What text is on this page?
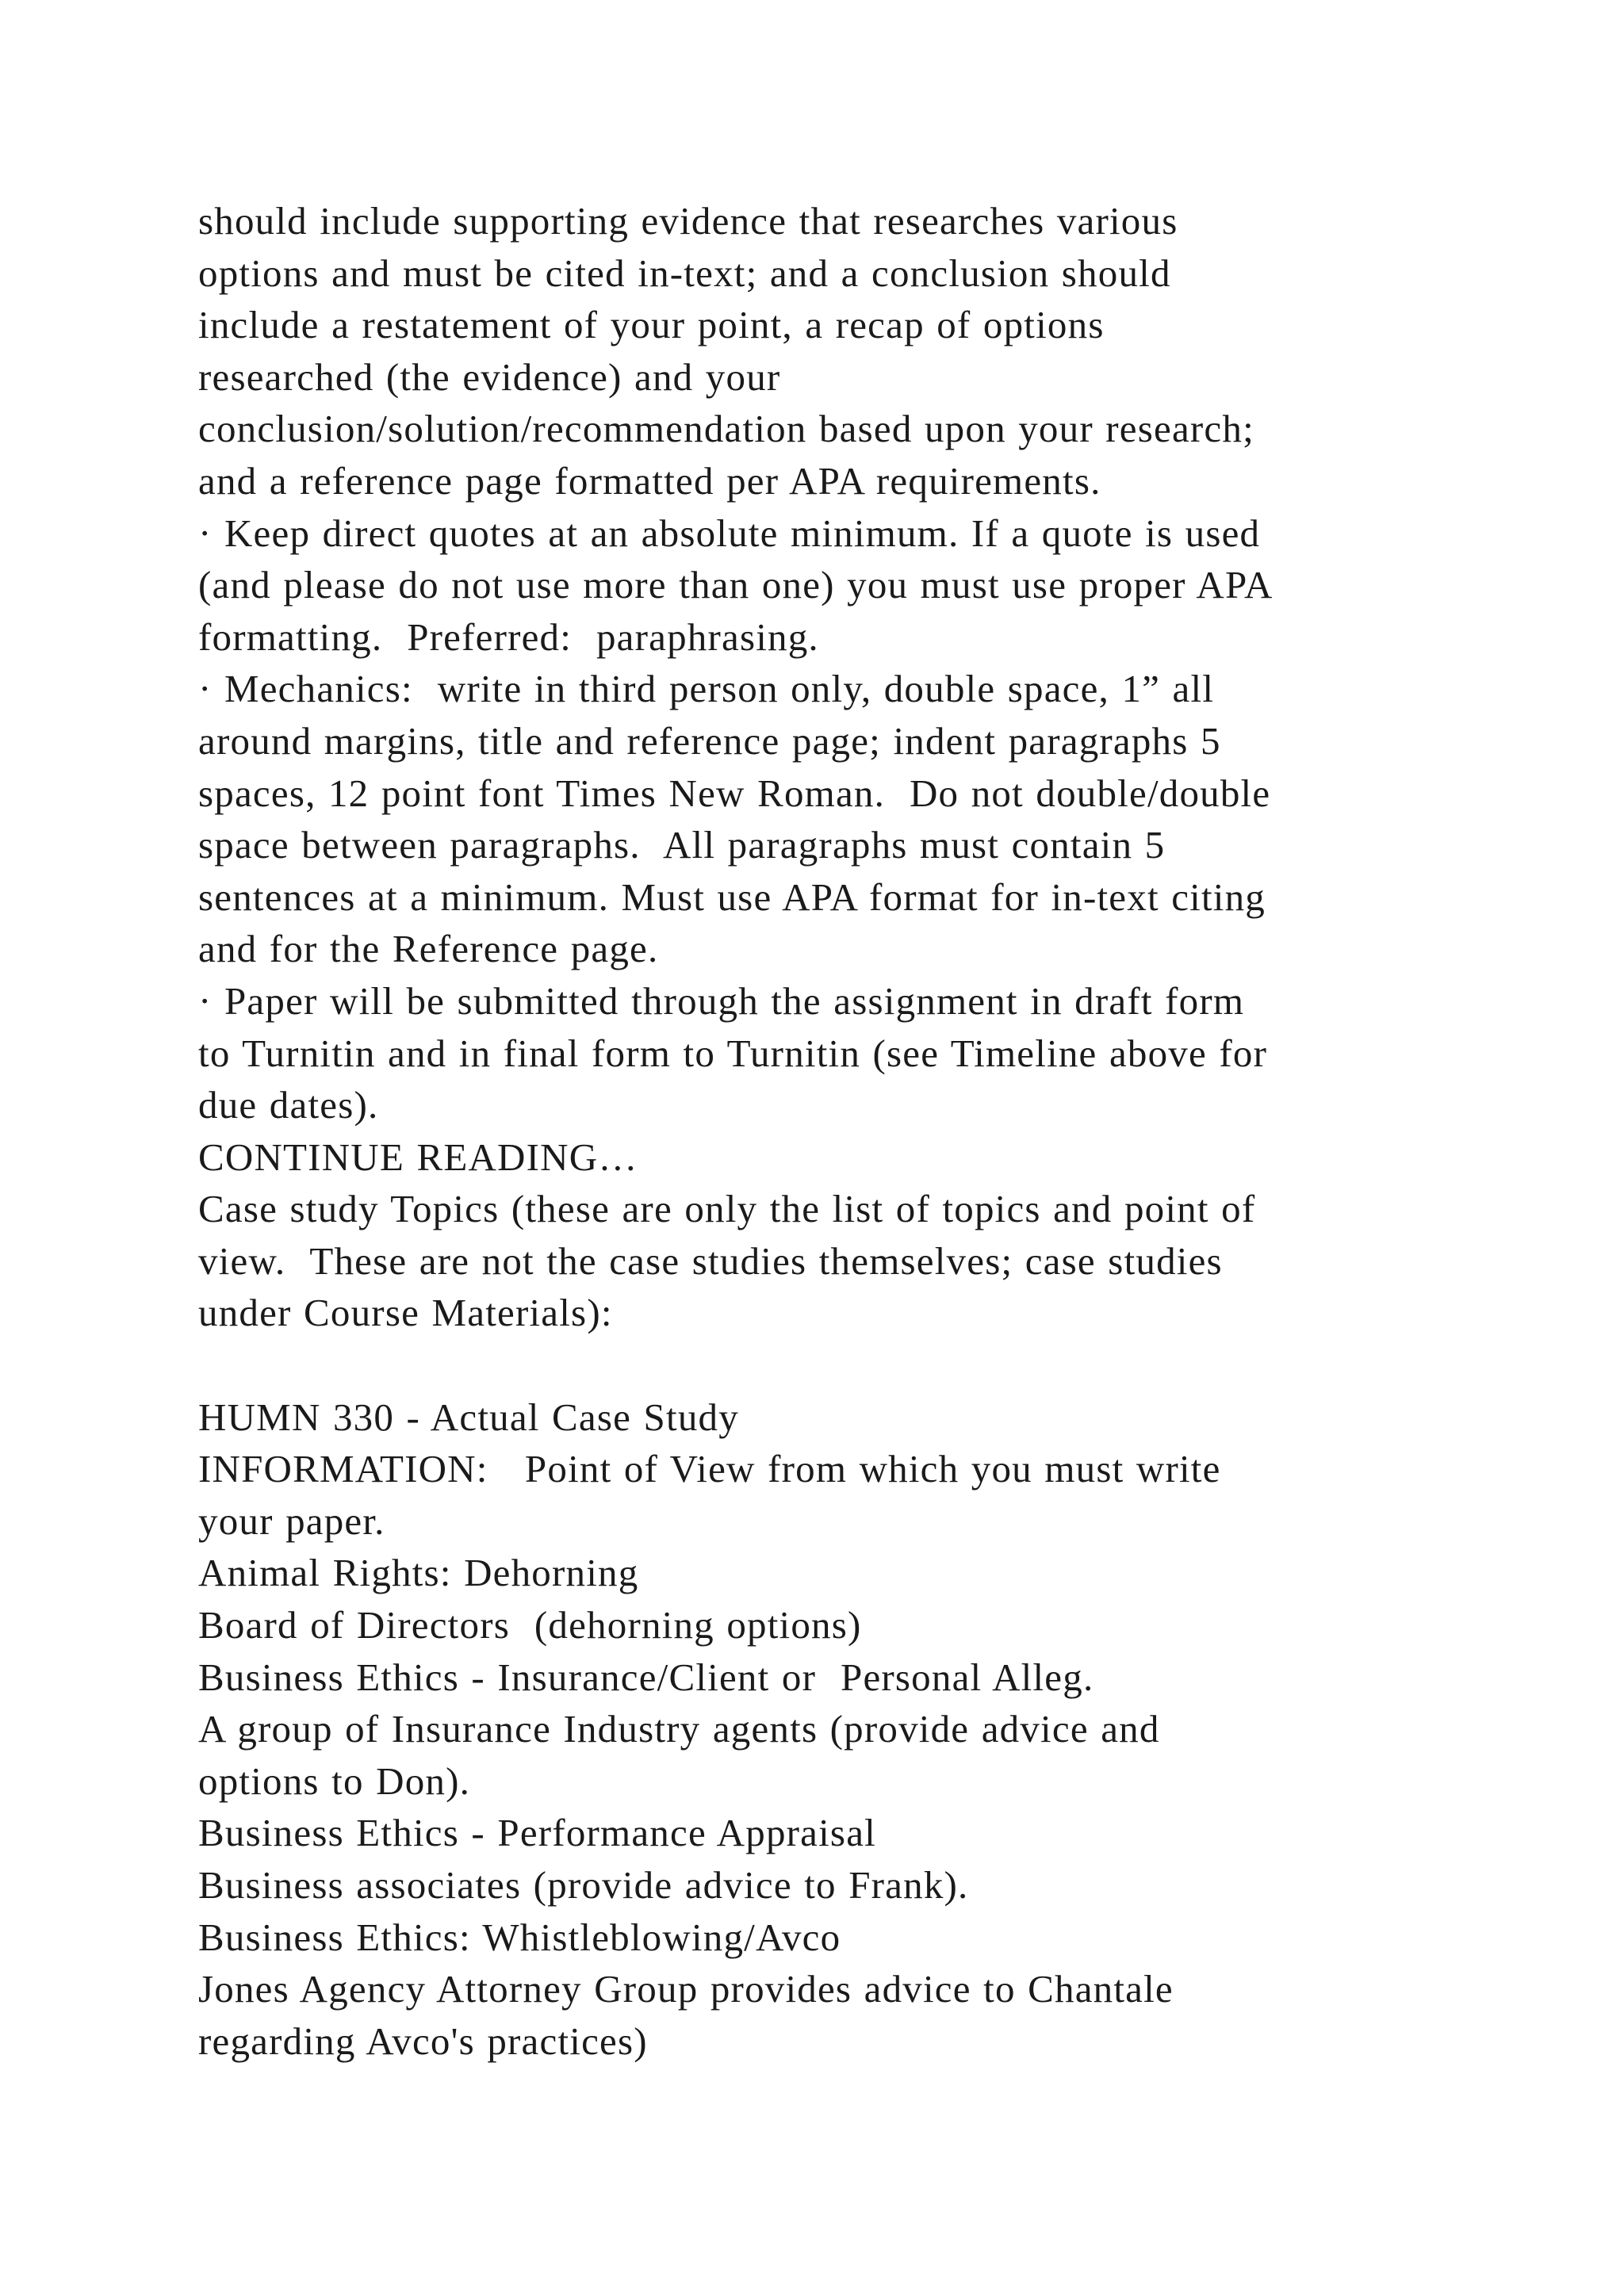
should include supporting evidence that researches various
options and must be cited in-text; and a conclusion should
include a restatement of your point, a recap of options
researched (the evidence) and your
conclusion/solution/recommendation based upon your research;
and a reference page formatted per APA requirements.
· Keep direct quotes at an absolute minimum. If a quote is used
(and please do not use more than one) you must use proper APA
formatting.  Preferred:  paraphrasing.
· Mechanics:  write in third person only, double space, 1” all
around margins, title and reference page; indent paragraphs 5
spaces, 12 point font Times New Roman.  Do not double/double
space between paragraphs.  All paragraphs must contain 5
sentences at a minimum. Must use APA format for in-text citing
and for the Reference page.
· Paper will be submitted through the assignment in draft form
to Turnitin and in final form to Turnitin (see Timeline above for
due dates).
CONTINUE READING…
Case study Topics (these are only the list of topics and point of
view.  These are not the case studies themselves; case studies
under Course Materials):
HUMN 330 - Actual Case Study
INFORMATION:   Point of View from which you must write
your paper.
Animal Rights: Dehorning
Board of Directors  (dehorning options)
Business Ethics - Insurance/Client or  Personal Alleg.
A group of Insurance Industry agents (provide advice and
options to Don).
Business Ethics - Performance Appraisal
Business associates (provide advice to Frank).
Business Ethics: Whistleblowing/Avco
Jones Agency Attorney Group provides advice to Chantale
regarding Avco's practices)
